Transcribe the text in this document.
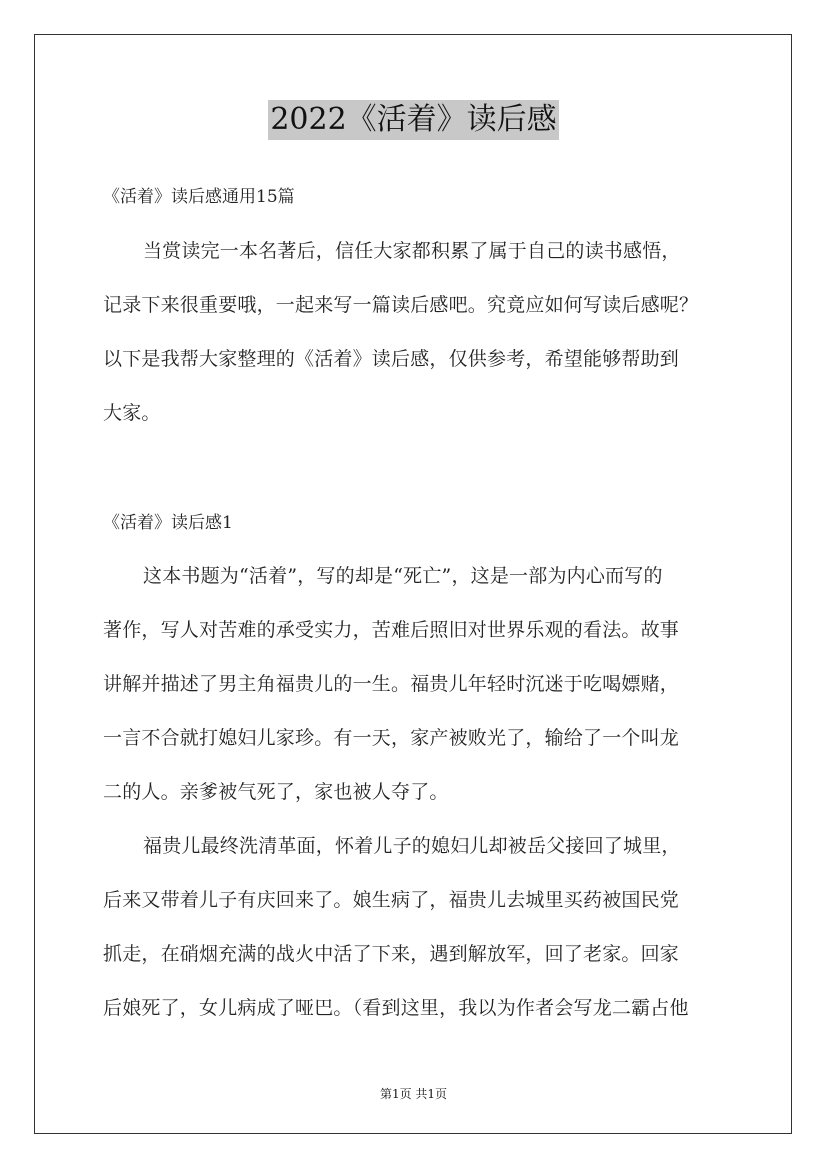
2022《活着》读后感
《活着》读后感通用15篇
当赏读完一本名著后，信任大家都积累了属于自己的读书感悟，
记录下来很重要哦，一起来写一篇读后感吧。究竟应如何写读后感呢？
以下是我帮大家整理的《活着》读后感，仅供参考，希望能够帮助到
大家。
《活着》读后感1
这本书题为“活着”，写的却是“死亡”，这是一部为内心而写的
著作，写人对苦难的承受实力，苦难后照旧对世界乐观的看法。故事
讲解并描述了男主角福贵儿的一生。福贵儿年轻时沉迷于吃喝嫖赌，
一言不合就打媳妇儿家珍。有一天，家产被败光了，输给了一个叫龙
二的人。亲爹被气死了，家也被人夺了。
福贵儿最终洗清革面，怀着儿子的媳妇儿却被岳父接回了城里，
后来又带着儿子有庆回来了。娘生病了，福贵儿去城里买药被国民党
抓走，在硝烟充满的战火中活了下来，遇到解放军，回了老家。回家
后娘死了，女儿病成了哑巴。（看到这里，我以为作者会写龙二霸占他
第1页 共1页
